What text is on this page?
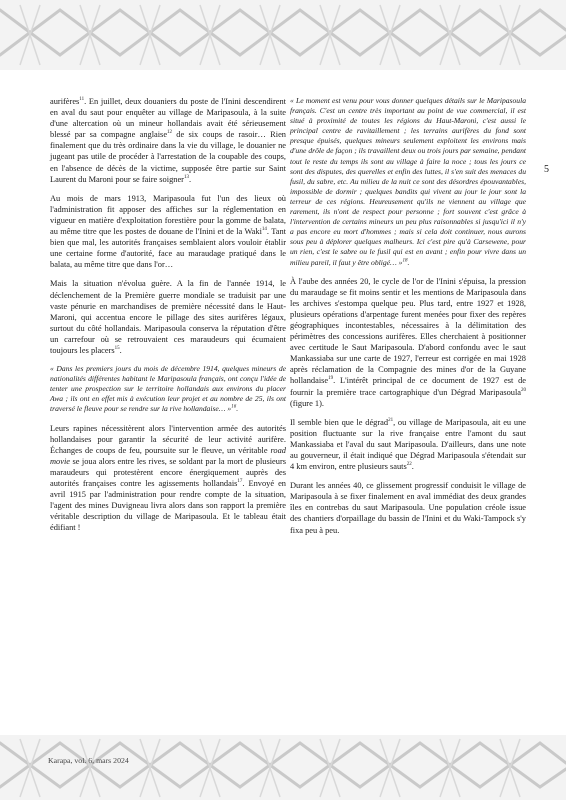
aurifères$^{11}$. En juillet, deux douaniers du poste de l'Inini descendirent en aval du saut pour enquêter au village de Maripasoula, à la suite d'une altercation où un mineur hollandais avait été sérieusement blessé par sa compagne anglaise$^{12}$ de six coups de rasoir… Rien finalement que du très ordinaire dans la vie du village, le douanier ne jugeant pas utile de procéder à l'arrestation de la coupable des coups, en l'absence de décès de la victime, supposée être partie sur Saint Laurent du Maroni pour se faire soigner$^{13}$.

Au mois de mars 1913, Maripasoula fut l'un des lieux où l'administration fit apposer des affiches sur la réglementation en vigueur en matière d'exploitation forestière pour la gomme de balata, au même titre que les postes de douane de l'Inini et de la Waki$^{14}$. Tant bien que mal, les autorités françaises semblaient alors vouloir établir une certaine forme d'autorité, face au maraudage pratiqué dans le balata, au même titre que dans l'or…

Mais la situation n'évolua guère. A la fin de l'année 1914, le déclenchement de la Première guerre mondiale se traduisit par une vaste pénurie en marchandises de première nécessité dans le Haut-Maroni, qui accentua encore le pillage des sites aurifères légaux, surtout du côté hollandais. Maripasoula conserva la réputation d'être un carrefour où se retrouvaient ces maraudeurs qui écumaient toujours les placers$^{15}$.

« Dans les premiers jours du mois de décembre 1914, quelques mineurs de nationalités différentes habitant le Maripasoula français, ont conçu l'idée de tenter une prospection sur le territoire hollandais aux environs du placer Awa ; ils ont en effet mis à exécution leur projet et au nombre de 25, ils ont traversé le fleuve pour se rendre sur la rive hollandaise… »$^{16}$.

Leurs rapines nécessitèrent alors l'intervention armée des autorités hollandaises pour garantir la sécurité de leur activité aurifère. Échanges de coups de feu, poursuite sur le fleuve, un véritable road movie se joua alors entre les rives, se soldant par la mort de plusieurs maraudeurs qui protestèrent encore énergiquement auprès des autorités françaises contre les agissements hollandais$^{17}$. Envoyé en avril 1915 par l'administration pour rendre compte de la situation, l'agent des mines Duvigneau livra alors dans son rapport la première véritable description du village de Maripasoula. Et le tableau était édifiant !

« Le moment est venu pour vous donner quelques détails sur le Maripasoula français. C'est un centre très important au point de vue commercial, il est situé à proximité de toutes les régions du Haut-Maroni, c'est aussi le principal centre de ravitaillement ; les terrains aurifères du fond sont presque épuisés, quelques mineurs seulement exploitent les environs mais d'une drôle de façon ; ils travaillent deux ou trois jours par semaine, pendant tout le reste du temps ils sont au village à faire la noce ; tous les jours ce sont des disputes, des querelles et enfin des luttes, il s'en suit des menaces du fusil, du sabre, etc. Au milieu de la nuit ce sont des désordres épouvantables, impossible de dormir ; quelques bandits qui vivent au jour le jour sont la terreur de ces régions. Heureusement qu'ils ne viennent au village que rarement, ils n'ont de respect pour personne ; fort souvent c'est grâce à l'intervention de certains mineurs un peu plus raisonnables si jusqu'ici il n'y a pas encore eu mort d'hommes ; mais si cela doit continuer, nous aurons sous peu à déplorer quelques malheurs. Ici c'est pire qu'à Carsewene, pour un rien, c'est le sabre ou le fusil qui est en avant ; enfin pour vivre dans un milieu pareil, il faut y être obligé… »$^{18}$.

À l'aube des années 20, le cycle de l'or de l'Inini s'épuisa, la pression du maraudage se fit moins sentir et les mentions de Maripasoula dans les archives s'estompa quelque peu. Plus tard, entre 1927 et 1928, plusieurs opérations d'arpentage furent menées pour fixer des repères géographiques incontestables, nécessaires à la délimitation des périmètres des concessions aurifères. Elles cherchaient à positionner avec certitude le Saut Maripasoula. D'abord confondu avec le saut Mankassiaba sur une carte de 1927, l'erreur est corrigée en mai 1928 après réclamation de la Compagnie des mines d'or de la Guyane hollandaise$^{19}$. L'intérêt principal de ce document de 1927 est de fournir la première trace cartographique d'un Dégrad Maripasoula$^{20}$ (figure 1).

Il semble bien que le dégrad$^{21}$, ou village de Maripasoula, ait eu une position fluctuante sur la rive française entre l'amont du saut Mankassiaba et l'aval du saut Maripasoula. D'ailleurs, dans une note au gouverneur, il était indiqué que Dégrad Maripasoula s'étendait sur 4 km environ, entre plusieurs sauts$^{22}$.

Durant les années 40, ce glissement progressif conduisit le village de Maripasoula à se fixer finalement en aval immédiat des deux grandes îles en contrebas du saut Maripasoula. Une population créole issue des chantiers d'orpaillage du bassin de l'Inini et du Waki-Tampock s'y fixa peu à peu.

5
Karapa, vol. 6, mars 2024
